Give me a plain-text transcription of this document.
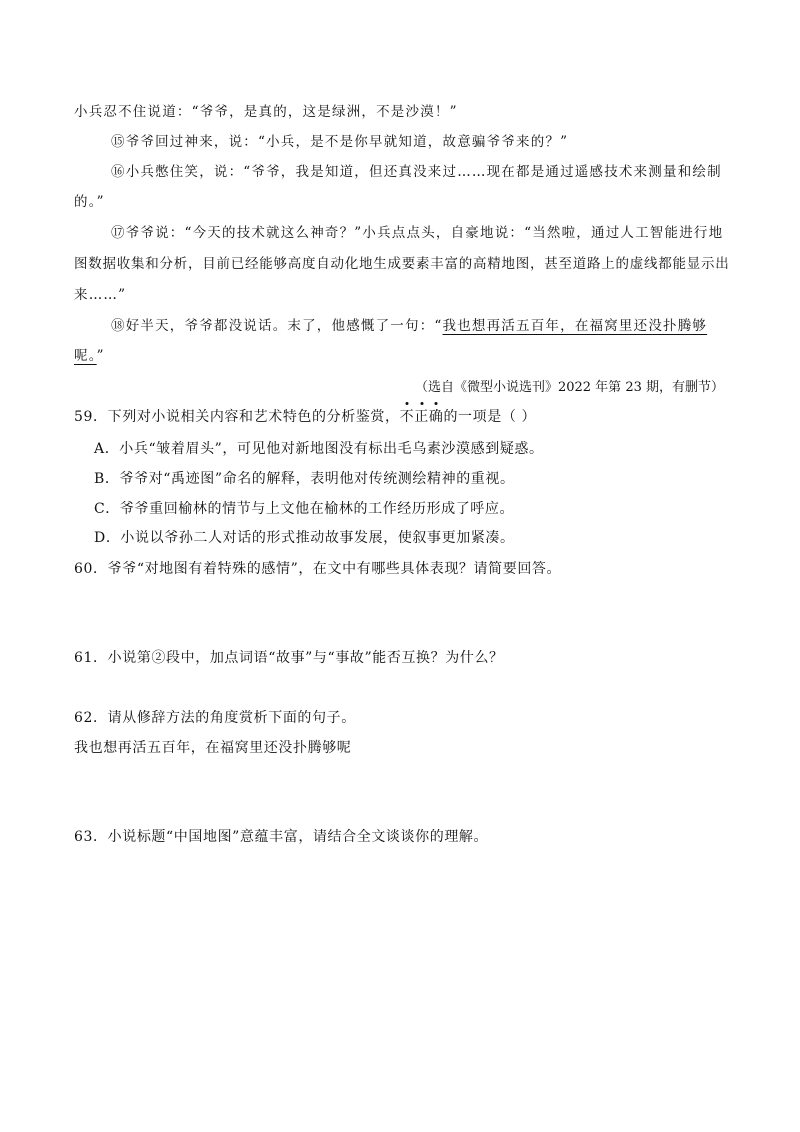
小兵忍不住说道：“爷爷，是真的，这是绿洲，不是沙漠！”

⑮爷爷回过神来，说：“小兵，是不是你早就知道，故意骗爷爷来的？”

⑯小兵憋住笑，说：“爷爷，我是知道，但还真没来过……现在都是通过遥感技术来测量和绘制

的。”

⑰爷爷说：“今天的技术就这么神奇？”小兵点点头，自豪地说：“当然啦，通过人工智能进行地

图数据收集和分析，目前已经能够高度自动化地生成要素丰富的高精地图，甚至道路上的虚线都能显示出

来……”

⑱好半天，爷爷都没说话。末了，他感慨了一句：“我也想再活五百年，在福窝里还没扑腾够

呢。”

（选自《微型小说选刊》2022 年第 23 期，有删节）

59．下列对小说相关内容和艺术特色的分析鉴赏，不正确的一项是（ ）

A．小兵“皱着眉头”，可见他对新地图没有标出毛乌素沙漠感到疑惑。

B．爷爷对“禹迹图”命名的解释，表明他对传统测绘精神的重视。

C．爷爷重回榆林的情节与上文他在榆林的工作经历形成了呼应。

D．小说以爷孙二人对话的形式推动故事发展，使叙事更加紧凑。

60．爷爷“对地图有着特殊的感情”，在文中有哪些具体表现？请简要回答。

61．小说第②段中，加点词语“故事”与“事故”能否互换？为什么？

62．请从修辞方法的角度赏析下面的句子。

我也想再活五百年，在福窝里还没扑腾够呢

63．小说标题“中国地图”意蕴丰富，请结合全文谈谈你的理解。
